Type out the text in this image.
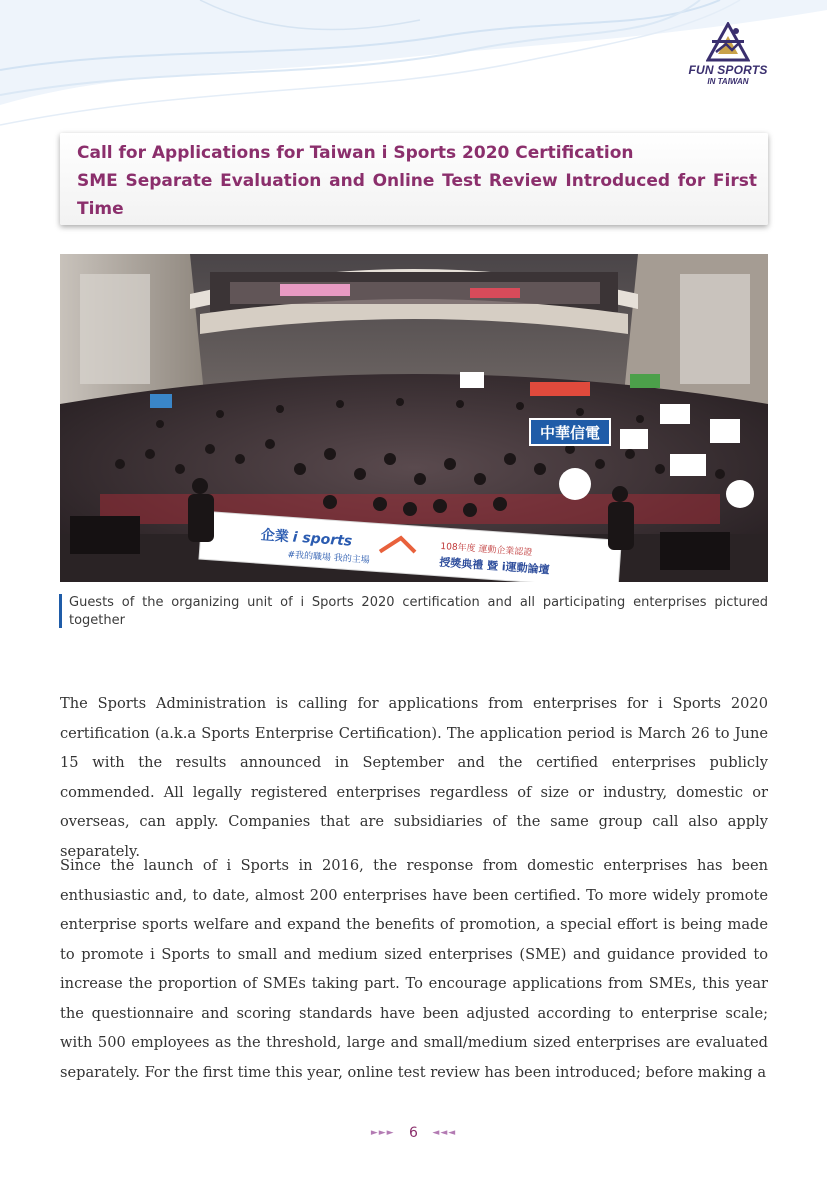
FUN SPORTS
IN TAIWAN
Call for Applications for Taiwan i Sports 2020 Certification
SME Separate Evaluation and Online Test Review Introduced for First
Time
中華信電
企業 i sports
#我的職場 我的主場	108年度 運動企業認證
授獎典禮 暨 i運動論壇
Guests of the organizing unit of i Sports 2020 certification and all participating enterprises pictured together

The Sports Administration is calling for applications from enterprises for i Sports 2020 certification (a.k.a Sports Enterprise Certification). The application period is March 26 to June 15 with the results announced in September and the certified enterprises publicly commended. All legally registered enterprises regardless of size or industry, domestic or overseas, can apply. Companies that are subsidiaries of the same group call also apply separately.

Since the launch of i Sports in 2016, the response from domestic enterprises has been enthusiastic and, to date, almost 200 enterprises have been certified. To more widely promote enterprise sports welfare and expand the benefits of promotion, a special effort is being made to promote i Sports to small and medium sized enterprises (SME) and guidance provided to increase the proportion of SMEs taking part. To encourage applications from SMEs, this year the questionnaire and scoring standards have been adjusted according to enterprise scale; with 500 employees as the threshold, large and small/medium sized enterprises are evaluated separately. For the first time this year, online test review has been introduced; before making a

►►► 6 ◄◄◄
